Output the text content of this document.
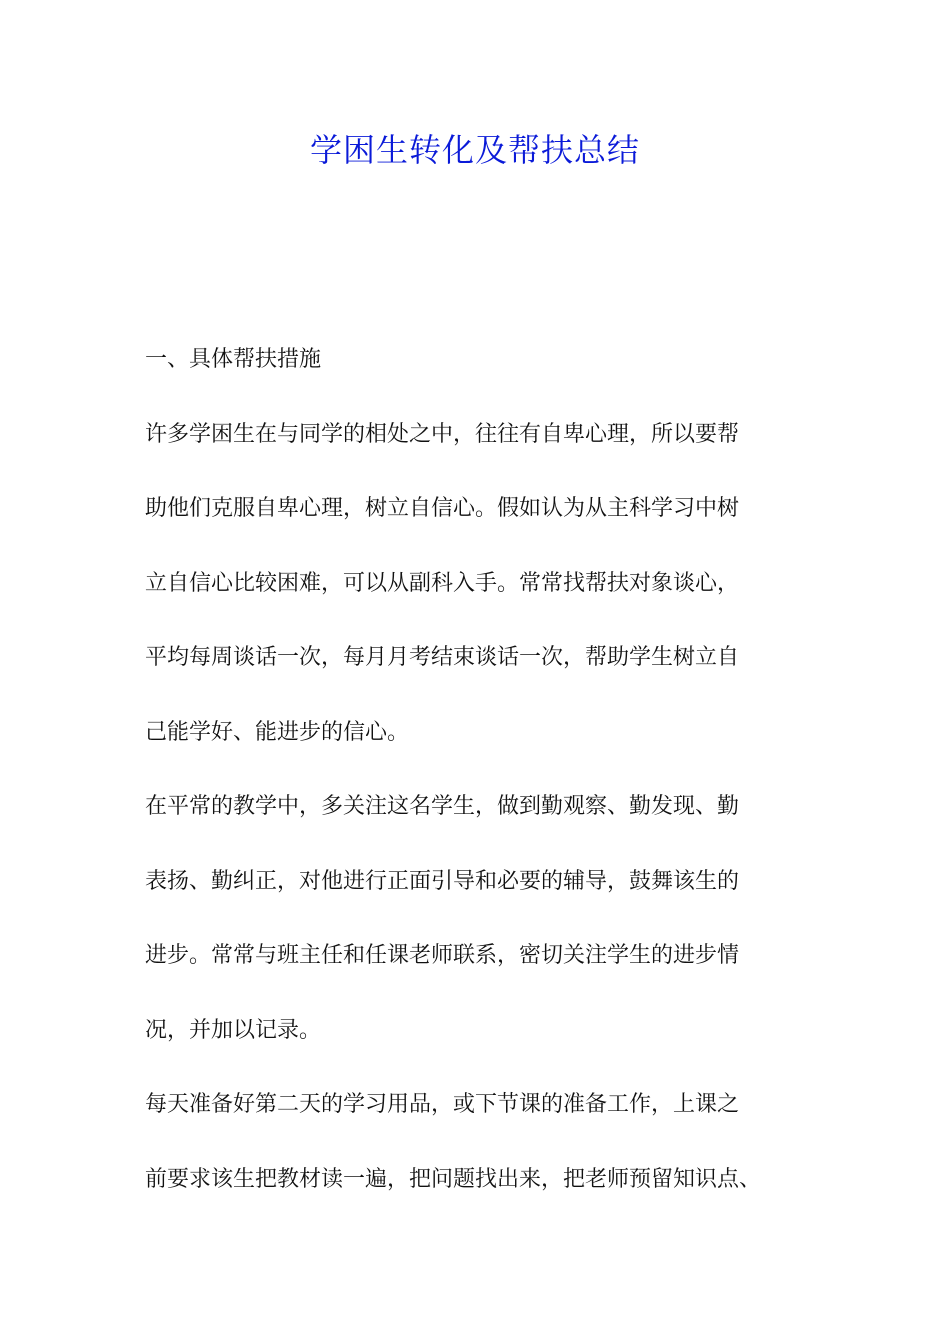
学困生转化及帮扶总结

一、具体帮扶措施

许多学困生在与同学的相处之中，往往有自卑心理，所以要帮

助他们克服自卑心理，树立自信心。假如认为从主科学习中树

立自信心比较困难，可以从副科入手。常常找帮扶对象谈心，

平均每周谈话一次，每月月考结束谈话一次，帮助学生树立自

己能学好、能进步的信心。

在平常的教学中，多关注这名学生，做到勤观察、勤发现、勤

表扬、勤纠正，对他进行正面引导和必要的辅导，鼓舞该生的

进步。常常与班主任和任课老师联系，密切关注学生的进步情

况，并加以记录。

每天准备好第二天的学习用品，或下节课的准备工作，上课之

前要求该生把教材读一遍，把问题找出来，把老师预留知识点、
